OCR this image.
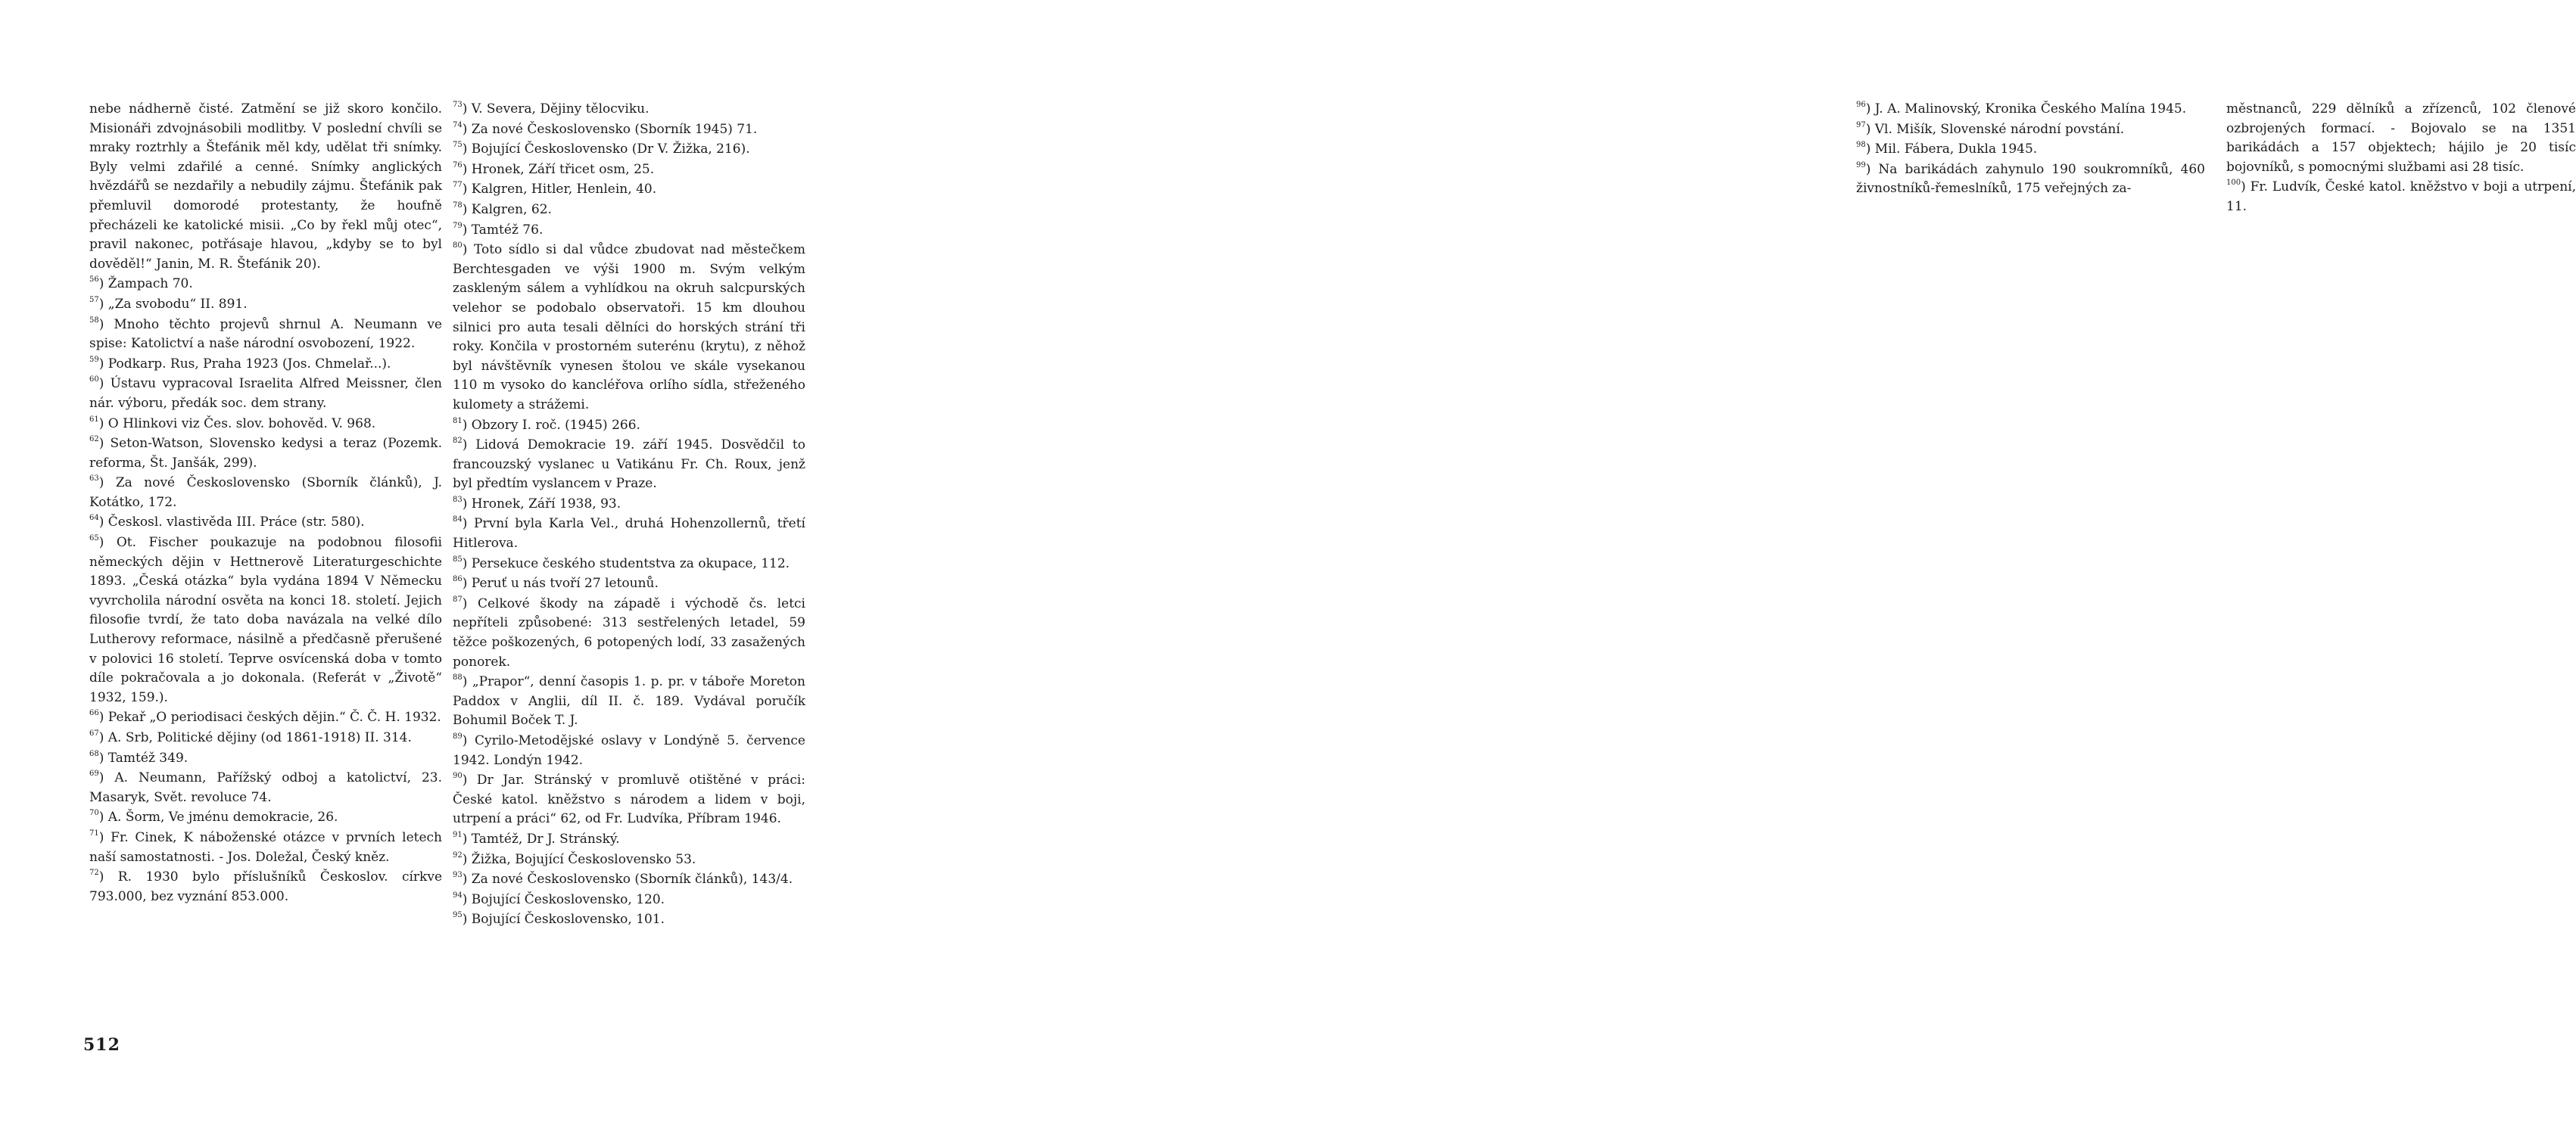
nebe nádherně čisté. Zatmění se již skoro končilo. Misionáři zdvojnásobili modlitby. V poslední chvíli se mraky roztrhly a Štefánik měl kdy, udělat tři snímky. Byly velmi zdařilé a cenné. Snímky anglických hvězdářů se nezdařily a nebudily zájmu. Štefánik pak přemluvil domorodé protestanty, že houfně přecházeli ke katolické misii. „Co by řekl můj otec“, pravil nakonec, potřásaje hlavou, „kdyby se to byl dověděl!“ Janin, M. R. Štefánik 20).

$^{56}$) Žampach 70.

$^{57}$) „Za svobodu“ II. 891.

$^{58}$) Mnoho těchto projevů shrnul A. Neumann ve spise: Katolictví a naše národní osvobození, 1922.

$^{59}$) Podkarp. Rus, Praha 1923 (Jos. Chmelař...).

$^{60}$) Ústavu vypracoval Israelita Alfred Meissner, člen nár. výboru, předák soc. dem strany.

$^{61}$) O Hlinkovi viz Čes. slov. bohověd. V. 968.

$^{62}$) Seton-Watson, Slovensko kedysi a teraz (Pozemk. reforma, Št. Janšák, 299).

$^{63}$) Za nové Československo (Sborník článků), J. Kotátko, 172.

$^{64}$) Českosl. vlastivěda III. Práce (str. 580).

$^{65}$) Ot. Fischer poukazuje na podobnou filosofii německých dějin v Hettnerově Literaturgeschichte 1893. „Česká otázka“ byla vydána 1894 V Německu vyvrcholila národní osvěta na konci 18. století. Jejich filosofie tvrdí, že tato doba navázala na velké dílo Lutherovy reformace, násilně a předčasně přerušené v polovici 16 století. Teprve osvícenská doba v tomto díle pokračovala a jo dokonala. (Referát v „Životě“ 1932, 159.).

$^{66}$) Pekař „O periodisaci českých dějin.“ Č. Č. H. 1932.

$^{67}$) A. Srb, Politické dějiny (od 1861-1918) II. 314.

$^{68}$) Tamtéž 349.

$^{69}$) A. Neumann, Pařížský odboj a katolictví, 23. Masaryk, Svět. revoluce 74.

$^{70}$) A. Šorm, Ve jménu demokracie, 26.

$^{71}$) Fr. Cinek, K náboženské otázce v prvních letech naší samostatnosti. - Jos. Doležal, Český kněz.

$^{72}$) R. 1930 bylo příslušníků Českoslov. církve 793.000, bez vyznání 853.000.

$^{73}$) V. Severa, Dějiny tělocviku.

$^{74}$) Za nové Československo (Sborník 1945) 71.

$^{75}$) Bojující Československo (Dr V. Žižka, 216).

$^{76}$) Hronek, Září třicet osm, 25.

$^{77}$) Kalgren, Hitler, Henlein, 40.

$^{78}$) Kalgren, 62.

$^{79}$) Tamtéž 76.

$^{80}$) Toto sídlo si dal vůdce zbudovat nad městečkem Berchtesgaden ve výši 1900 m. Svým velkým zaskleným sálem a vyhlídkou na okruh salcpurských velehor se podobalo observatoři. 15 km dlouhou silnici pro auta tesali dělníci do horských strání tři roky. Končila v prostorném suterénu (krytu), z něhož byl návštěvník vynesen štolou ve skále vysekanou 110 m vysoko do kancléřova orlího sídla, střeženého kulomety a strážemi.

$^{81}$) Obzory I. roč. (1945) 266.

$^{82}$) Lidová Demokracie 19. září 1945. Dosvědčil to francouzský vyslanec u Vatikánu Fr. Ch. Roux, jenž byl předtím vyslancem v Praze.

$^{83}$) Hronek, Září 1938, 93.

$^{84}$) První byla Karla Vel., druhá Hohenzollernů, třetí Hitlerova.

$^{85}$) Persekuce českého studentstva za okupace, 112.

$^{86}$) Peruť u nás tvoří 27 letounů.

$^{87}$) Celkové škody na západě i východě čs. letci nepříteli způsobené: 313 sestřelených letadel, 59 těžce poškozených, 6 potopených lodí, 33 zasažených ponorek.

$^{88}$) „Prapor“, denní časopis 1. p. pr. v táboře Moreton Paddox v Anglii, díl II. č. 189. Vydával poručík Bohumil Boček T. J.

$^{89}$) Cyrilo-Metodějské oslavy v Londýně 5. července 1942. Londýn 1942.

$^{90}$) Dr Jar. Stránský v promluvě otištěné v práci: České katol. kněžstvo s národem a lidem v boji, utrpení a práci“ 62, od Fr. Ludvíka, Příbram 1946.

$^{91}$) Tamtéž, Dr J. Stránský.

$^{92}$) Žižka, Bojující Československo 53.

$^{93}$) Za nové Československo (Sborník článků), 143/4.

$^{94}$) Bojující Československo, 120.

$^{95}$) Bojující Československo, 101.

512

$^{96}$) J. A. Malinovský, Kronika Českého Malína 1945.

$^{97}$) Vl. Mišík, Slovenské národní povstání.

$^{98}$) Mil. Fábera, Dukla 1945.

$^{99}$) Na barikádách zahynulo 190 soukromníků, 460 živnostníků-řemeslníků, 175 veřejných za-

městnanců, 229 dělníků a zřízenců, 102 členové ozbrojených formací. - Bojovalo se na 1351 barikádách a 157 objektech; hájilo je 20 tisíc bojovníků, s pomocnými službami asi 28 tisíc.

$^{100}$) Fr. Ludvík, České katol. kněžstvo v boji a utrpení, 11.
